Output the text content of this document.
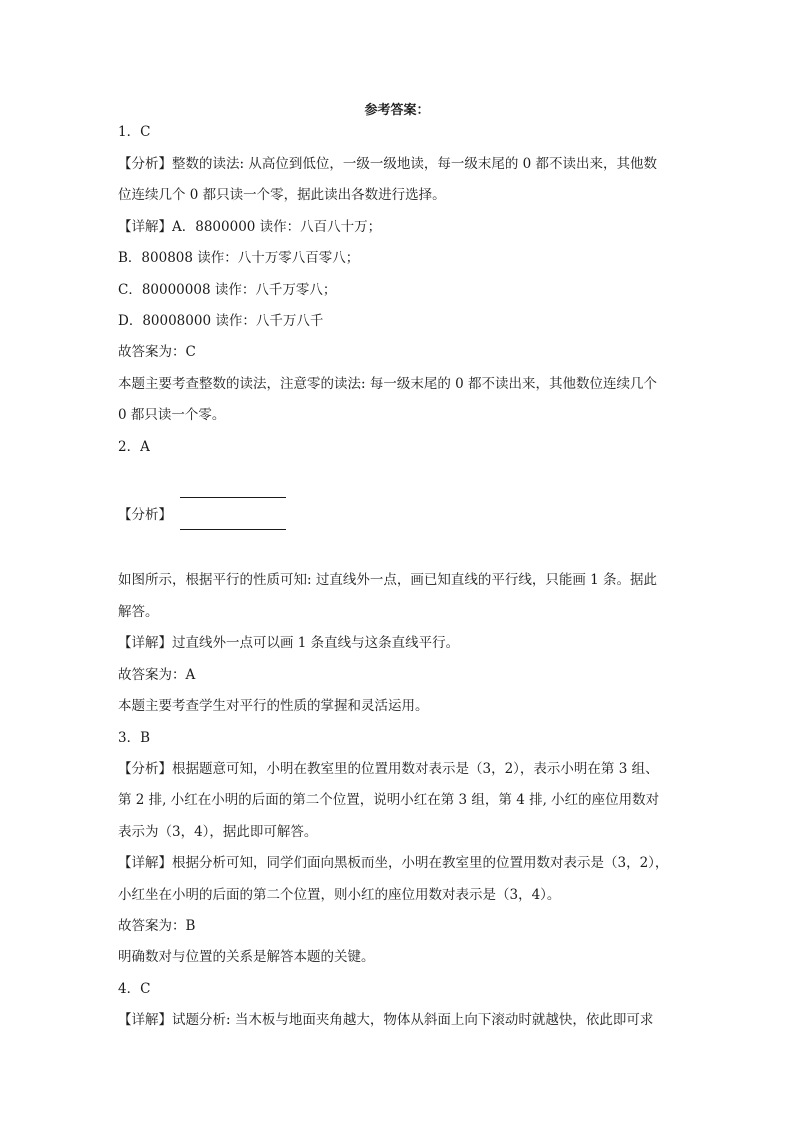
参考答案：
1．C
【分析】整数的读法: 从高位到低位，一级一级地读，每一级末尾的 0 都不读出来，其他数
位连续几个 0 都只读一个零，据此读出各数进行选择。
【详解】A．8800000 读作：八百八十万；
B．800808 读作：八十万零八百零八；
C．80000008 读作：八千万零八；
D．80008000 读作：八千万八千
故答案为：C
本题主要考查整数的读法，注意零的读法: 每一级末尾的 0 都不读出来，其他数位连续几个
0 都只读一个零。
2．A
【分析】
如图所示，根据平行的性质可知: 过直线外一点，画已知直线的平行线，只能画 1 条。据此
解答。
【详解】过直线外一点可以画 1 条直线与这条直线平行。
故答案为：A
本题主要考查学生对平行的性质的掌握和灵活运用。
3．B
【分析】根据题意可知，小明在教室里的位置用数对表示是（3，2），表示小明在第 3 组、
第 2 排, 小红在小明的后面的第二个位置，说明小红在第 3 组，第 4 排, 小红的座位用数对
表示为（3，4），据此即可解答。
【详解】根据分析可知，同学们面向黑板而坐，小明在教室里的位置用数对表示是（3，2），
小红坐在小明的后面的第二个位置，则小红的座位用数对表示是（3，4）。
故答案为：B
明确数对与位置的关系是解答本题的关键。
4．C
【详解】试题分析: 当木板与地面夹角越大，物体从斜面上向下滚动时就越快，依此即可求
